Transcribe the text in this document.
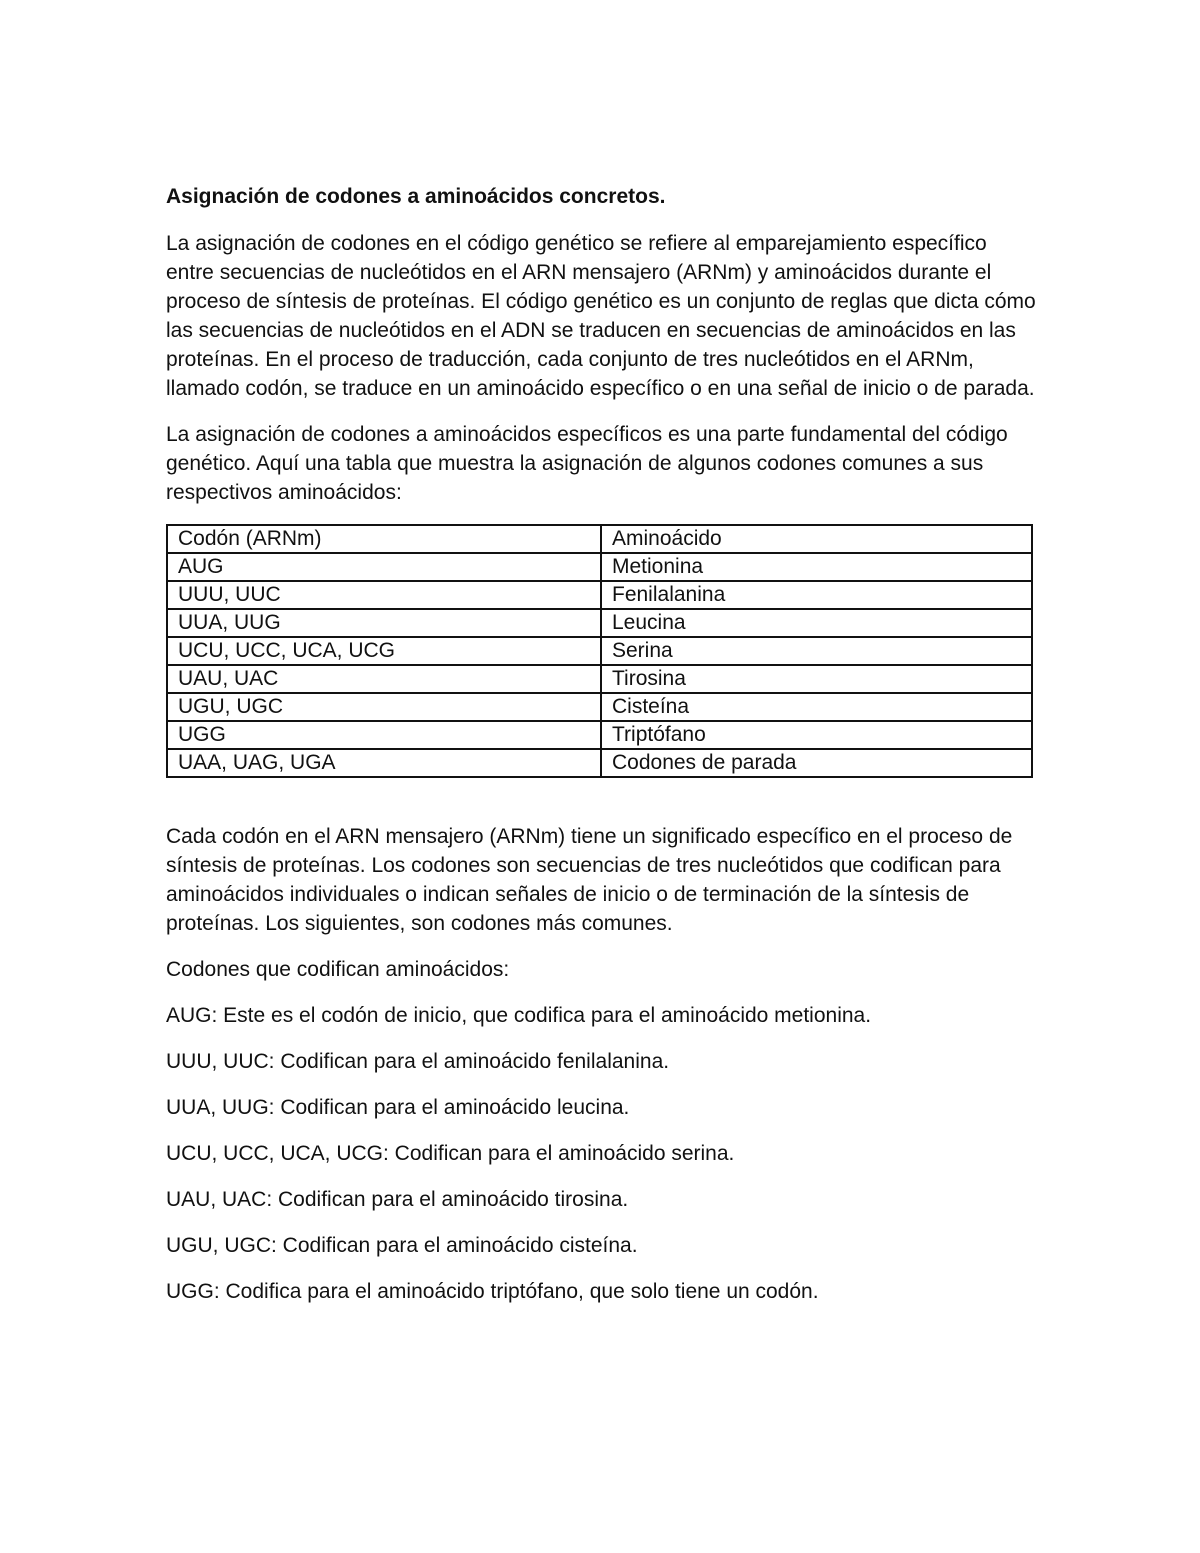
Asignación de codones a aminoácidos concretos.

La asignación de codones en el código genético se refiere al emparejamiento específico entre secuencias de nucleótidos en el ARN mensajero (ARNm) y aminoácidos durante el proceso de síntesis de proteínas. El código genético es un conjunto de reglas que dicta cómo las secuencias de nucleótidos en el ADN se traducen en secuencias de aminoácidos en las proteínas. En el proceso de traducción, cada conjunto de tres nucleótidos en el ARNm, llamado codón, se traduce en un aminoácido específico o en una señal de inicio o de parada.

La asignación de codones a aminoácidos específicos es una parte fundamental del código genético. Aquí una tabla que muestra la asignación de algunos codones comunes a sus respectivos aminoácidos:

Codón (ARNm)	Aminoácido
AUG	Metionina
UUU, UUC	Fenilalanina
UUA, UUG	Leucina
UCU, UCC, UCA, UCG	Serina
UAU, UAC	Tirosina
UGU, UGC	Cisteína
UGG	Triptófano
UAA, UAG, UGA	Codones de parada

Cada codón en el ARN mensajero (ARNm) tiene un significado específico en el proceso de síntesis de proteínas. Los codones son secuencias de tres nucleótidos que codifican para aminoácidos individuales o indican señales de inicio o de terminación de la síntesis de proteínas. Los siguientes, son codones más comunes.

Codones que codifican aminoácidos:

AUG: Este es el codón de inicio, que codifica para el aminoácido metionina.

UUU, UUC: Codifican para el aminoácido fenilalanina.

UUA, UUG: Codifican para el aminoácido leucina.

UCU, UCC, UCA, UCG: Codifican para el aminoácido serina.

UAU, UAC: Codifican para el aminoácido tirosina.

UGU, UGC: Codifican para el aminoácido cisteína.

UGG: Codifica para el aminoácido triptófano, que solo tiene un codón.
